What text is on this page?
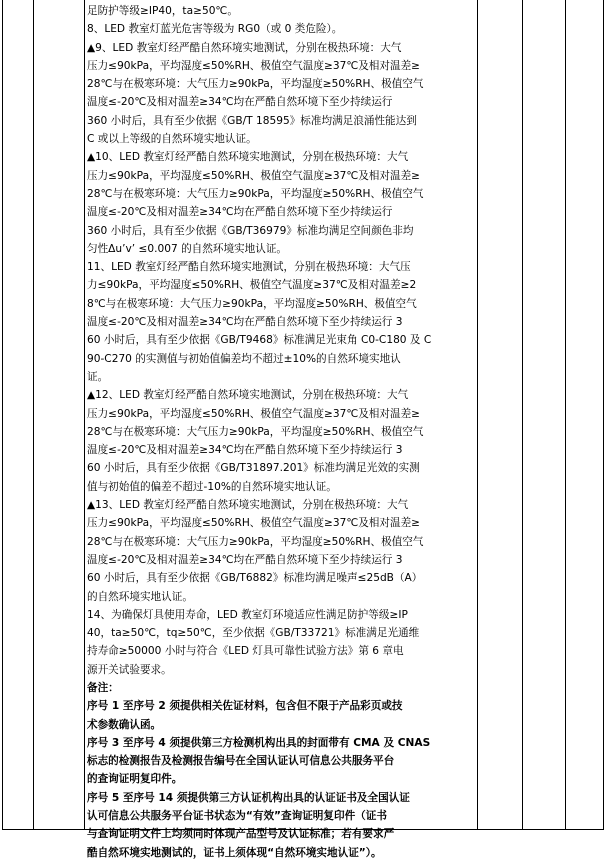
足防护等级≥IP40，ta≥50℃。
8、LED 教室灯蓝光危害等级为 RG0（或 0 类危险）。
▲9、LED 教室灯经严酷自然环境实地测试，分别在极热环境：大气
压力≤90kPa，平均湿度≤50%RH、极值空气温度≥37℃及相对温差≥
28℃与在极寒环境：大气压力≥90kPa，平均湿度≥50%RH、极值空气
温度≤-20℃及相对温差≥34℃均在严酷自然环境下至少持续运行
360 小时后，具有至少依据《GB/T 18595》标准均满足浪涌性能达到
C 或以上等级的自然环境实地认证。
▲10、LED 教室灯经严酷自然环境实地测试，分别在极热环境：大气
压力≤90kPa，平均湿度≤50%RH、极值空气温度≥37℃及相对温差≥
28℃与在极寒环境：大气压力≥90kPa，平均湿度≥50%RH、极值空气
温度≤-20℃及相对温差≥34℃均在严酷自然环境下至少持续运行
360 小时后，具有至少依据《GB/T36979》标准均满足空间颜色非均
匀性Δu’v’ ≤0.007 的自然环境实地认证。
11、LED 教室灯经严酷自然环境实地测试，分别在极热环境：大气压
力≤90kPa，平均湿度≤50%RH、极值空气温度≥37℃及相对温差≥2
8℃与在极寒环境：大气压力≥90kPa，平均湿度≥50%RH、极值空气
温度≤-20℃及相对温差≥34℃均在严酷自然环境下至少持续运行 3
60 小时后，具有至少依据《GB/T9468》标准满足光束角 C0-C180 及 C
90-C270 的实测值与初始值偏差均不超过±10%的自然环境实地认
证。
▲12、LED 教室灯经严酷自然环境实地测试，分别在极热环境：大气
压力≤90kPa，平均湿度≤50%RH、极值空气温度≥37℃及相对温差≥
28℃与在极寒环境：大气压力≥90kPa，平均湿度≥50%RH、极值空气
温度≤-20℃及相对温差≥34℃均在严酷自然环境下至少持续运行 3
60 小时后，具有至少依据《GB/T31897.201》标准均满足光效的实测
值与初始值的偏差不超过-10%的自然环境实地认证。
▲13、LED 教室灯经严酷自然环境实地测试，分别在极热环境：大气
压力≤90kPa，平均湿度≤50%RH、极值空气温度≥37℃及相对温差≥
28℃与在极寒环境：大气压力≥90kPa，平均湿度≥50%RH、极值空气
温度≤-20℃及相对温差≥34℃均在严酷自然环境下至少持续运行 3
60 小时后，具有至少依据《GB/T6882》标准均满足噪声≤25dB（A）
的自然环境实地认证。
14、为确保灯具使用寿命，LED 教室灯环境适应性满足防护等级≥IP
40，ta≥50℃，tq≥50℃，至少依据《GB/T33721》标准满足光通维
持寿命≥50000 小时与符合《LED 灯具可靠性试验方法》第 6 章电
源开关试验要求。
备注：
序号 1 至序号 2 须提供相关佐证材料，包含但不限于产品彩页或技
术参数确认函。
序号 3 至序号 4 须提供第三方检测机构出具的封面带有 CMA 及 CNAS
标志的检测报告及检测报告编号在全国认证认可信息公共服务平台
的查询证明复印件。
序号 5 至序号 14 须提供第三方认证机构出具的认证证书及全国认证
认可信息公共服务平台证书状态为“有效”查询证明复印件（证书
与查询证明文件上均须同时体现产品型号及认证标准；若有要求严
酷自然环境实地测试的，证书上须体现“自然环境实地认证”）。
